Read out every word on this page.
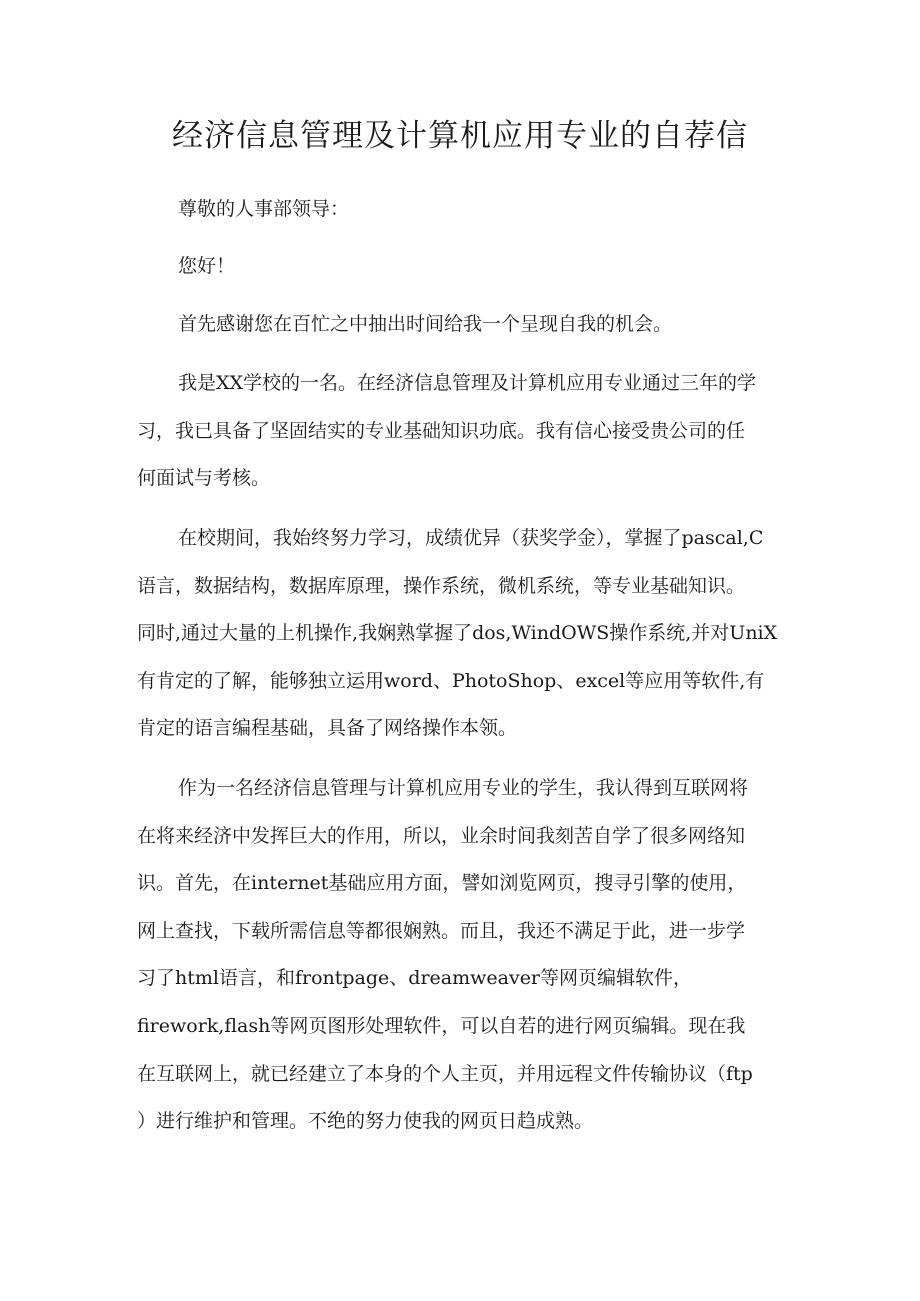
经济信息管理及计算机应用专业的自荐信

尊敬的人事部领导：

您好！

首先感谢您在百忙之中抽出时间给我一个呈现自我的机会。

我是XX学校的一名。在经济信息管理及计算机应用专业通过三年的学
习，我已具备了坚固结实的专业基础知识功底。我有信心接受贵公司的任
何面试与考核。
在校期间，我始终努力学习，成绩优异（获奖学金），掌握了pascal,C
语言，数据结构，数据库原理，操作系统，微机系统，等专业基础知识。
同时,通过大量的上机操作,我娴熟掌握了dos,WindOWS操作系统,并对UniX
有肯定的了解，能够独立运用word、PhotoShop、excel等应用等软件,有
肯定的语言编程基础，具备了网络操作本领。
作为一名经济信息管理与计算机应用专业的学生，我认得到互联网将
在将来经济中发挥巨大的作用，所以，业余时间我刻苦自学了很多网络知
识。首先，在internet基础应用方面，譬如浏览网页，搜寻引擎的使用，
网上查找，下载所需信息等都很娴熟。而且，我还不满足于此，进一步学
习了html语言，和frontpage、dreamweaver等网页编辑软件，
firework,flash等网页图形处理软件，可以自若的进行网页编辑。现在我
在互联网上，就已经建立了本身的个人主页，并用远程文件传输协议（ftp
）进行维护和管理。不绝的努力使我的网页日趋成熟。
